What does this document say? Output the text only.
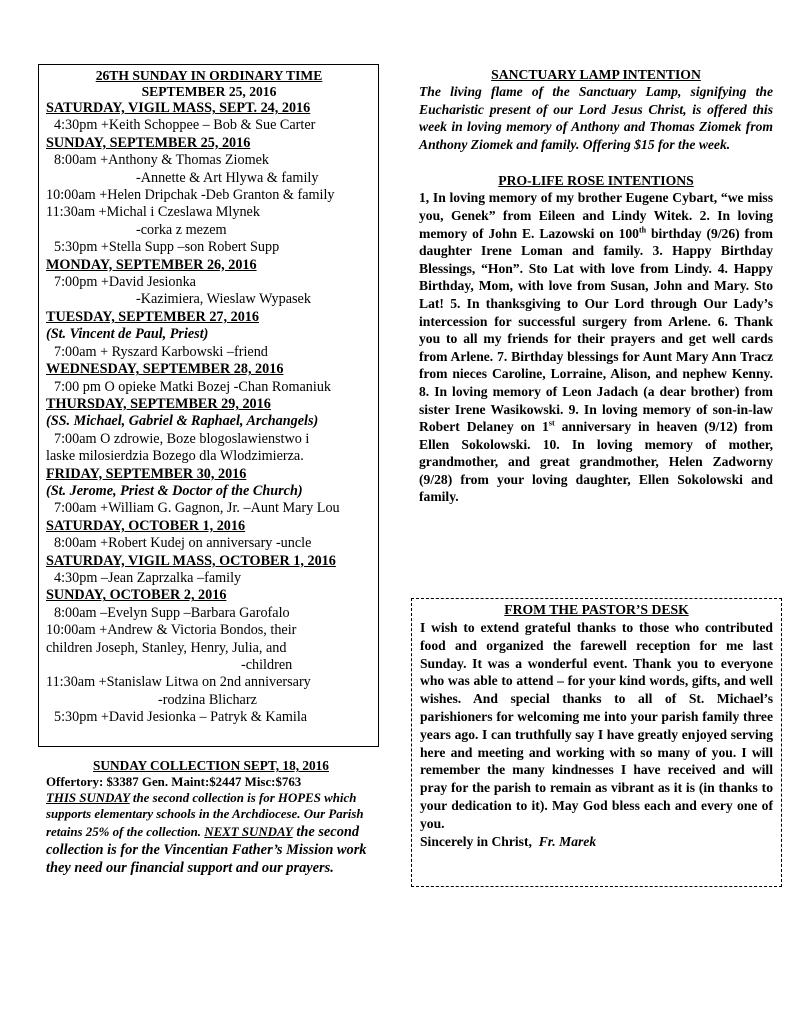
26TH SUNDAY IN ORDINARY TIME
SEPTEMBER 25, 2016
SATURDAY, VIGIL MASS, SEPT. 24, 2016
4:30pm +Keith Schoppee – Bob & Sue Carter
SUNDAY, SEPTEMBER 25, 2016
8:00am +Anthony & Thomas Ziomek
-Annette & Art Hlywa & family
10:00am +Helen Dripchak -Deb Granton & family
11:30am +Michal i Czeslawa Mlynek
-corka z mezem
5:30pm +Stella Supp –son Robert Supp
MONDAY, SEPTEMBER 26, 2016
7:00pm +David Jesionka
-Kazimiera, Wieslaw Wypasek
TUESDAY, SEPTEMBER 27, 2016
(St. Vincent de Paul, Priest)
7:00am + Ryszard Karbowski –friend
WEDNESDAY, SEPTEMBER 28, 2016
7:00 pm O opieke Matki Bozej -Chan Romaniuk
THURSDAY, SEPTEMBER 29, 2016
(SS. Michael, Gabriel & Raphael, Archangels)
7:00am O zdrowie, Boze blogoslawienstwo i
laske milosierdzia Bozego dla Wlodzimierza.
FRIDAY, SEPTEMBER 30, 2016
(St. Jerome, Priest & Doctor of the Church)
7:00am +William G. Gagnon, Jr. –Aunt Mary Lou
SATURDAY, OCTOBER 1, 2016
8:00am +Robert Kudej on anniversary -uncle
SATURDAY, VIGIL MASS, OCTOBER 1, 2016
4:30pm –Jean Zaprzalka –family
SUNDAY, OCTOBER 2, 2016
8:00am –Evelyn Supp –Barbara Garofalo
10:00am +Andrew & Victoria Bondos, their
children Joseph, Stanley, Henry, Julia, and
-children
11:30am +Stanislaw Litwa on 2nd anniversary
-rodzina Blicharz
5:30pm +David Jesionka – Patryk & Kamila
SUNDAY COLLECTION SEPT, 18, 2016
Offertory: $3387 Gen. Maint:$2447 Misc:$763
THIS SUNDAY the second collection is for HOPES which supports elementary schools in the Archdiocese. Our Parish retains 25% of the collection. NEXT SUNDAY the second collection is for the Vincentian Father’s Mission work they need our financial support and our prayers.
SANCTUARY LAMP INTENTION
The living flame of the Sanctuary Lamp, signifying the Eucharistic present of our Lord Jesus Christ, is offered this week in loving memory of Anthony and Thomas Ziomek from Anthony Ziomek and family. Offering $15 for the week.
PRO-LIFE ROSE INTENTIONS
1, In loving memory of my brother Eugene Cybart, “we miss you, Genek” from Eileen and Lindy Witek. 2. In loving memory of John E. Lazowski on 100th birthday (9/26) from daughter Irene Loman and family. 3. Happy Birthday Blessings, “Hon”. Sto Lat with love from Lindy. 4. Happy Birthday, Mom, with love from Susan, John and Mary. Sto Lat! 5. In thanksgiving to Our Lord through Our Lady’s intercession for successful surgery from Arlene. 6. Thank you to all my friends for their prayers and get well cards from Arlene. 7. Birthday blessings for Aunt Mary Ann Tracz from nieces Caroline, Lorraine, Alison, and nephew Kenny. 8. In loving memory of Leon Jadach (a dear brother) from sister Irene Wasikowski. 9. In loving memory of son-in-law Robert Delaney on 1st anniversary in heaven (9/12) from Ellen Sokolowski. 10. In loving memory of mother, grandmother, and great grandmother, Helen Zadworny (9/28) from your loving daughter, Ellen Sokolowski and family.
FROM THE PASTOR’S DESK
I wish to extend grateful thanks to those who contributed food and organized the farewell reception for me last Sunday. It was a wonderful event. Thank you to everyone who was able to attend – for your kind words, gifts, and well wishes. And special thanks to all of St. Michael’s parishioners for welcoming me into your parish family three years ago. I can truthfully say I have greatly enjoyed serving here and meeting and working with so many of you. I will remember the many kindnesses I have received and will pray for the parish to remain as vibrant as it is (in thanks to your dedication to it). May God bless each and every one of you.
Sincerely in Christ, Fr. Marek
